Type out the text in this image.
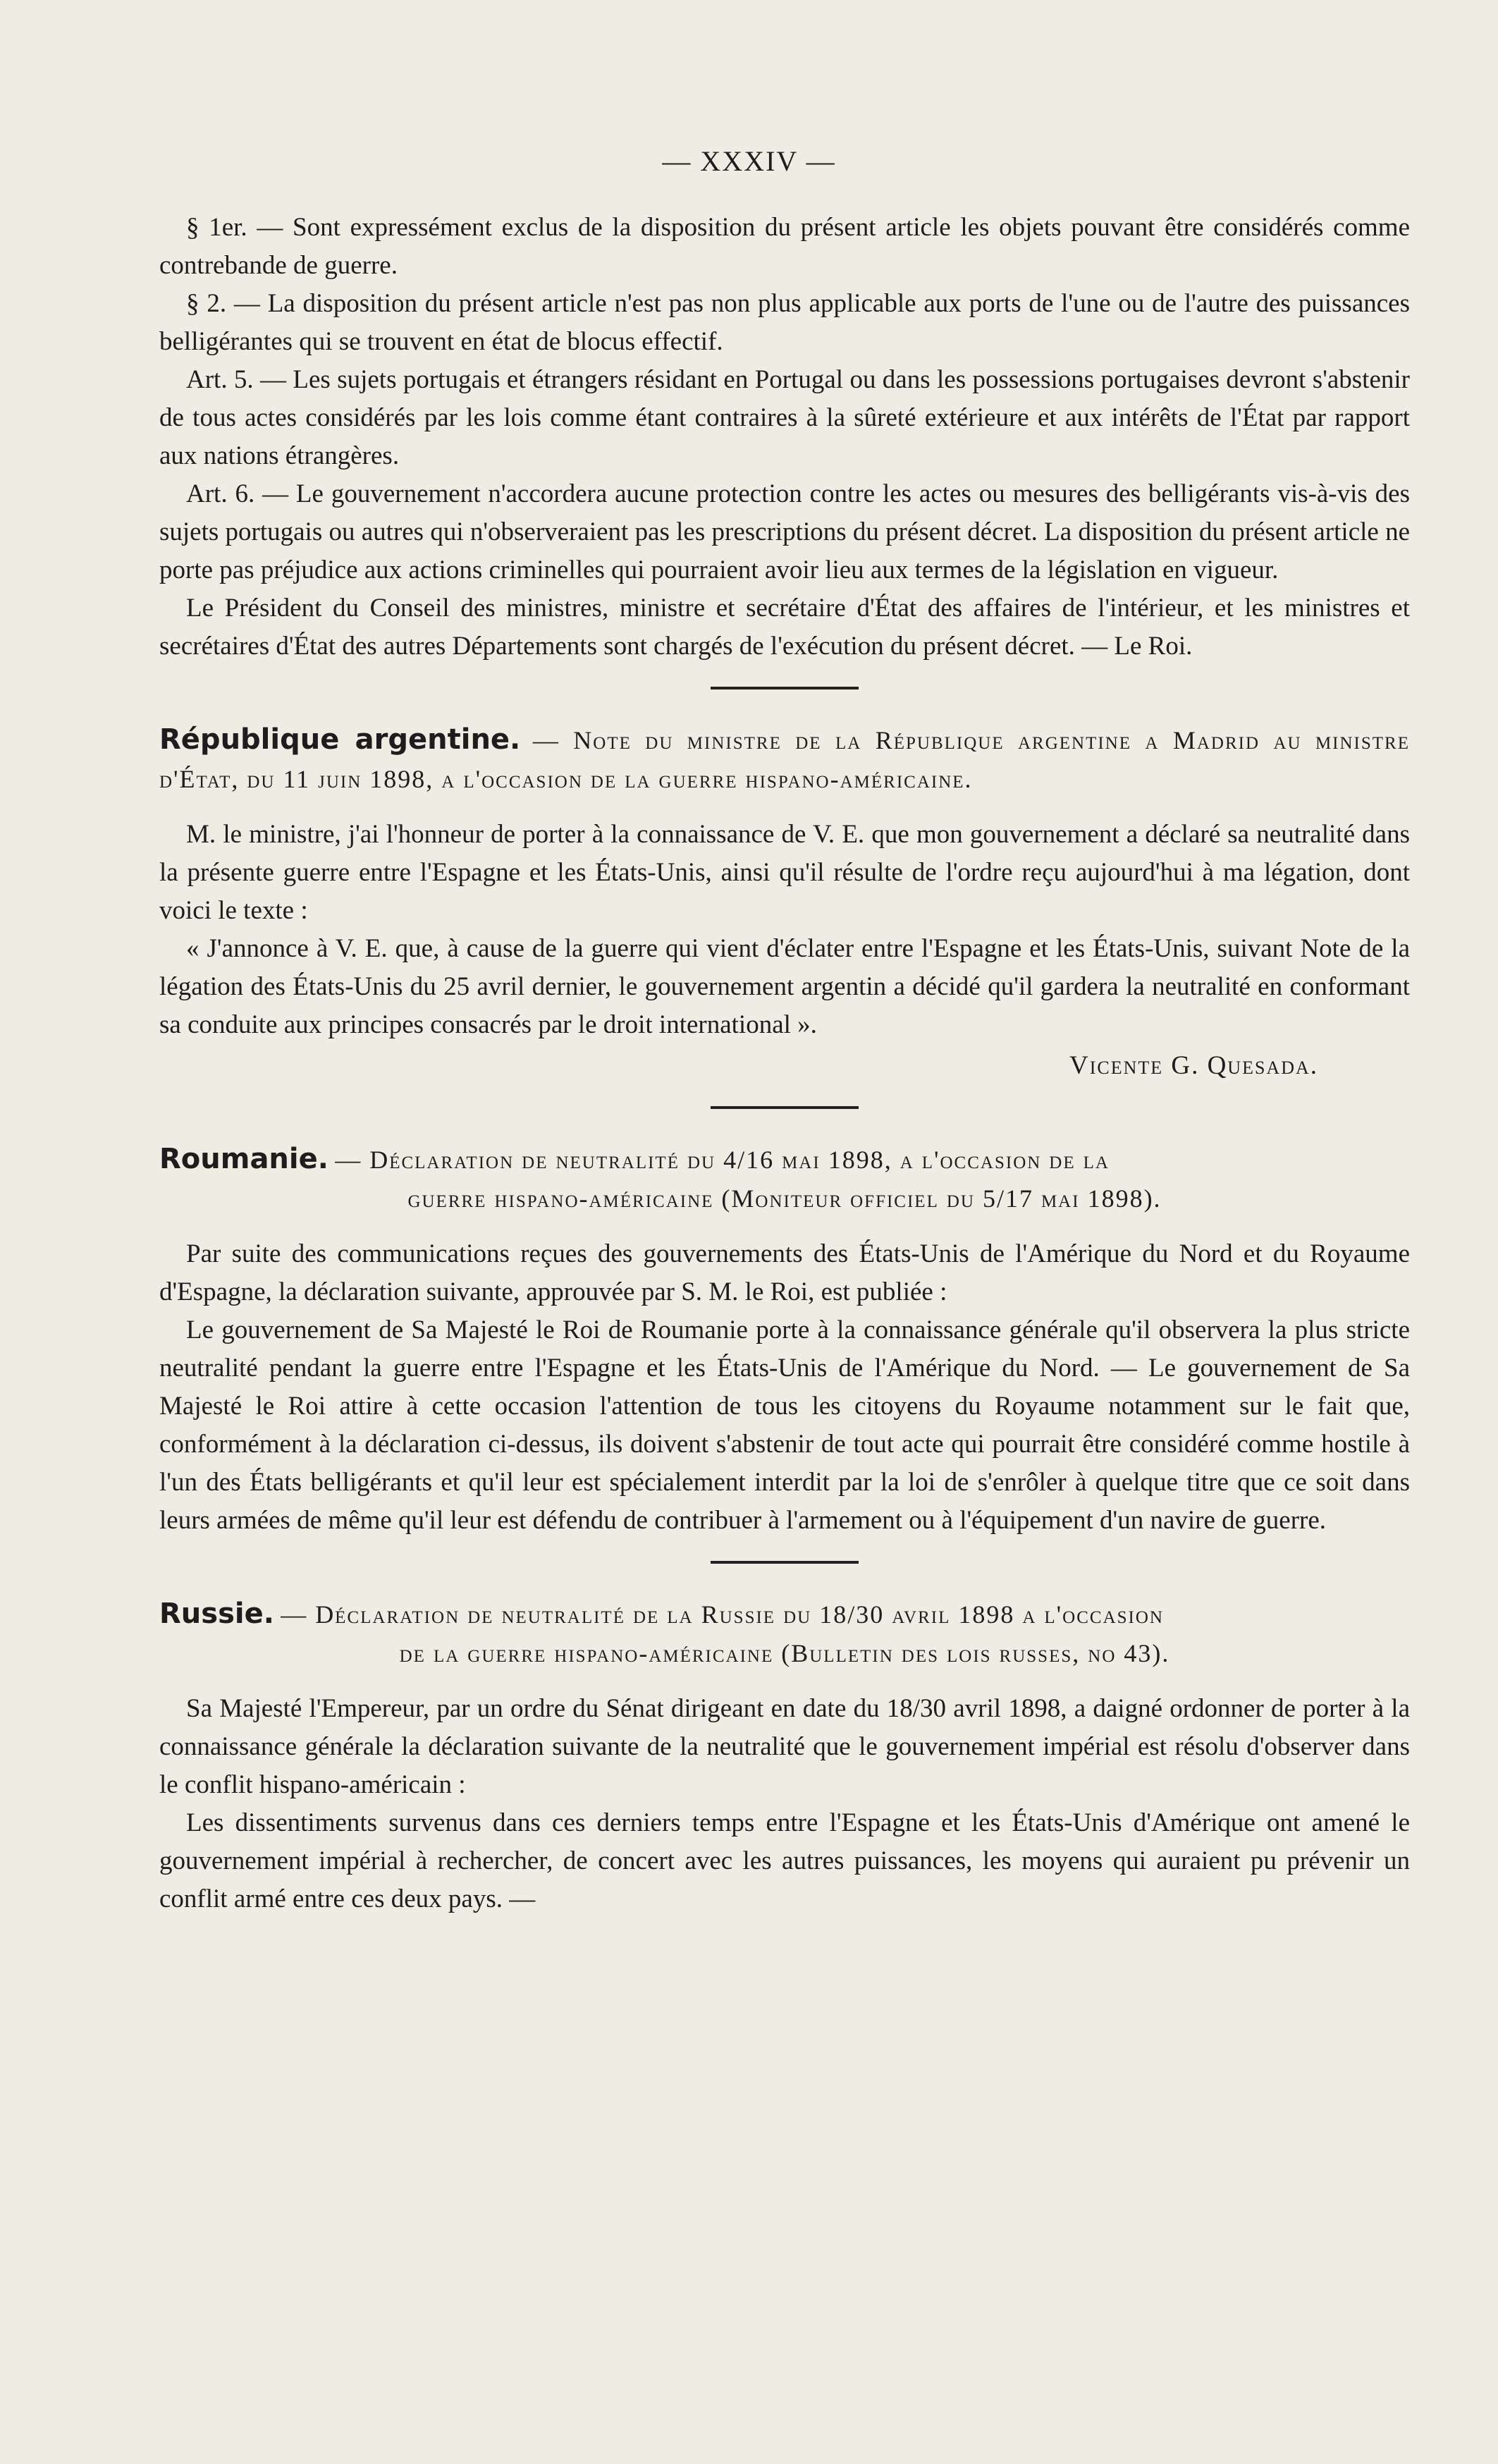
— XXXIV —

§ 1er. — Sont expressément exclus de la disposition du présent article les objets pouvant être considérés comme contrebande de guerre.

§ 2. — La disposition du présent article n'est pas non plus applicable aux ports de l'une ou de l'autre des puissances belligérantes qui se trouvent en état de blocus effectif.

Art. 5. — Les sujets portugais et étrangers résidant en Portugal ou dans les possessions portugaises devront s'abstenir de tous actes considérés par les lois comme étant contraires à la sûreté extérieure et aux intérêts de l'État par rapport aux nations étrangères.

Art. 6. — Le gouvernement n'accordera aucune protection contre les actes ou mesures des belligérants vis-à-vis des sujets portugais ou autres qui n'observeraient pas les prescriptions du présent décret. La disposition du présent article ne porte pas préjudice aux actions criminelles qui pourraient avoir lieu aux termes de la législation en vigueur.

Le Président du Conseil des ministres, ministre et secrétaire d'État des affaires de l'intérieur, et les ministres et secrétaires d'État des autres Départements sont chargés de l'exécution du présent décret. — Le Roi.

République argentine. — Note du ministre de la République argentine a Madrid au ministre d'État, du 11 juin 1898, a l'occasion de la guerre hispano-américaine.

M. le ministre, j'ai l'honneur de porter à la connaissance de V. E. que mon gouvernement a déclaré sa neutralité dans la présente guerre entre l'Espagne et les États-Unis, ainsi qu'il résulte de l'ordre reçu aujourd'hui à ma légation, dont voici le texte :

« J'annonce à V. E. que, à cause de la guerre qui vient d'éclater entre l'Espagne et les États-Unis, suivant Note de la légation des États-Unis du 25 avril dernier, le gouvernement argentin a décidé qu'il gardera la neutralité en conformant sa conduite aux principes consacrés par le droit international ».

Vicente G. Quesada.

Roumanie. — Déclaration de neutralité du 4/16 mai 1898, a l'occasion de la

guerre hispano-américaine (Moniteur officiel du 5/17 mai 1898).

Par suite des communications reçues des gouvernements des États-Unis de l'Amérique du Nord et du Royaume d'Espagne, la déclaration suivante, approuvée par S. M. le Roi, est publiée :

Le gouvernement de Sa Majesté le Roi de Roumanie porte à la connaissance générale qu'il observera la plus stricte neutralité pendant la guerre entre l'Espagne et les États-Unis de l'Amérique du Nord. — Le gouvernement de Sa Majesté le Roi attire à cette occasion l'attention de tous les citoyens du Royaume notamment sur le fait que, conformément à la déclaration ci-dessus, ils doivent s'abstenir de tout acte qui pourrait être considéré comme hostile à l'un des États belligérants et qu'il leur est spécialement interdit par la loi de s'enrôler à quelque titre que ce soit dans leurs armées de même qu'il leur est défendu de contribuer à l'armement ou à l'équipement d'un navire de guerre.

Russie. — Déclaration de neutralité de la Russie du 18/30 avril 1898 a l'occasion

de la guerre hispano-américaine (Bulletin des lois russes, no 43).

Sa Majesté l'Empereur, par un ordre du Sénat dirigeant en date du 18/30 avril 1898, a daigné ordonner de porter à la connaissance générale la déclaration suivante de la neutralité que le gouvernement impérial est résolu d'observer dans le conflit hispano-américain :

Les dissentiments survenus dans ces derniers temps entre l'Espagne et les États-Unis d'Amérique ont amené le gouvernement impérial à rechercher, de concert avec les autres puissances, les moyens qui auraient pu prévenir un conflit armé entre ces deux pays. —
